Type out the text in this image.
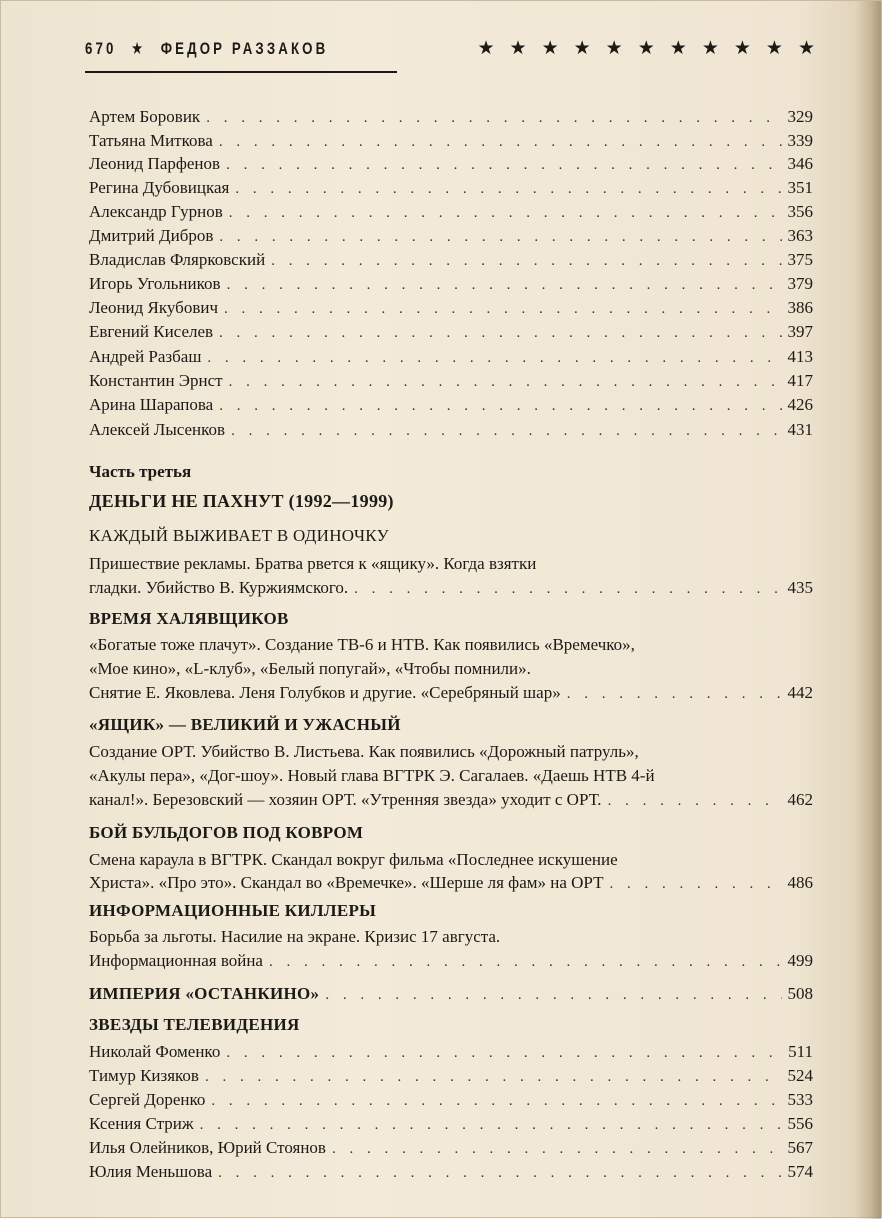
670 ★ ФЕДОР РАЗЗАКОВ	★★★★★★★★★★★
Артем Боровик . . .	329
Татьяна Миткова . . .	339
Леонид Парфенов . . .	346
Регина Дубовицкая . . .	351
Александр Гурнов . . .	356
Дмитрий Дибров . . .	363
Владислав Флярковский . . .	375
Игорь Угольников . . .	379
Леонид Якубович . . .	386
Евгений Киселев . . .	397
Андрей Разбаш . . .	413
Константин Эрнст . . .	417
Арина Шарапова . . .	426
Алексей Лысенков . . .	431
Часть третья
ДЕНЬГИ НЕ ПАХНУТ (1992—1999)
КАЖДЫЙ ВЫЖИВАЕТ В ОДИНОЧКУ
Пришествие рекламы. Братва рвется к «ящику». Когда взятки
гладки. Убийство В. Куржиямского. . . .	435
ВРЕМЯ ХАЛЯВЩИКОВ
«Богатые тоже плачут». Создание ТВ-6 и НТВ. Как появились «Времечко»,
«Мое кино», «L-клуб», «Белый попугай», «Чтобы помнили».
Снятие Е. Яковлева. Леня Голубков и другие. «Серебряный шар» . . .	442
«ЯЩИК» — ВЕЛИКИЙ И УЖАСНЫЙ
Создание ОРТ. Убийство В. Листьева. Как появились «Дорожный патруль»,
«Акулы пера», «Дог-шоу». Новый глава ВГТРК Э. Сагалаев. «Даешь НТВ 4-й
канал!». Березовский — хозяин ОРТ. «Утренняя звезда» уходит с ОРТ. . . .	462
БОЙ БУЛЬДОГОВ ПОД КОВРОМ
Смена караула в ВГТРК. Скандал вокруг фильма «Последнее искушение
Христа». «Про это». Скандал во «Времечке». «Шерше ля фам» на ОРТ . . .	486
ИНФОРМАЦИОННЫЕ КИЛЛЕРЫ
Борьба за льготы. Насилие на экране. Кризис 17 августа.
Информационная война . . .	499
ИМПЕРИЯ «ОСТАНКИНО» . . .	508
ЗВЕЗДЫ ТЕЛЕВИДЕНИЯ
Николай Фоменко . . .	511
Тимур Кизяков . . .	524
Сергей Доренко . . .	533
Ксения Стриж . . .	556
Илья Олейников, Юрий Стоянов . . .	567
Юлия Меньшова . . .	574
